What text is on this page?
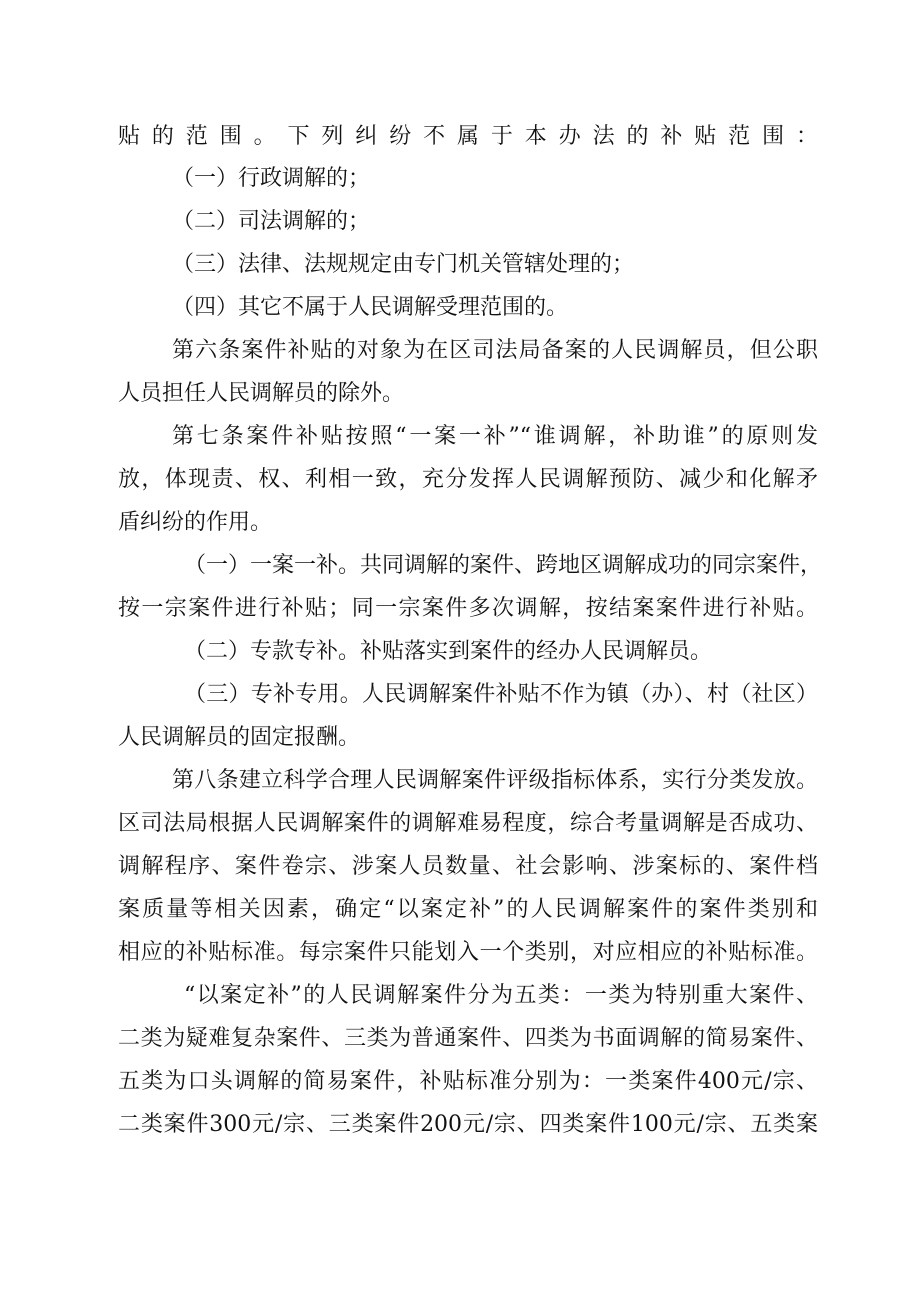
贴的范围。下列纠纷不属于本办法的补贴范围：
（一）行政调解的；
（二）司法调解的；
（三）法律、法规规定由专门机关管辖处理的；
（四）其它不属于人民调解受理范围的。
第六条案件补贴的对象为在区司法局备案的人民调解员，但公职
人员担任人民调解员的除外。
第七条案件补贴按照“一案一补”“谁调解，补助谁”的原则发
放，体现责、权、利相一致，充分发挥人民调解预防、减少和化解矛
盾纠纷的作用。
（一）一案一补。共同调解的案件、跨地区调解成功的同宗案件，
按一宗案件进行补贴；同一宗案件多次调解，按结案案件进行补贴。
（二）专款专补。补贴落实到案件的经办人民调解员。
（三）专补专用。人民调解案件补贴不作为镇（办）、村（社区）
人民调解员的固定报酬。
第八条建立科学合理人民调解案件评级指标体系，实行分类发放。
区司法局根据人民调解案件的调解难易程度，综合考量调解是否成功、
调解程序、案件卷宗、涉案人员数量、社会影响、涉案标的、案件档
案质量等相关因素，确定“以案定补”的人民调解案件的案件类别和
相应的补贴标准。每宗案件只能划入一个类别，对应相应的补贴标准。
“以案定补”的人民调解案件分为五类：一类为特别重大案件、
二类为疑难复杂案件、三类为普通案件、四类为书面调解的简易案件、
五类为口头调解的简易案件，补贴标准分别为：一类案件400元/宗、
二类案件300元/宗、三类案件200元/宗、四类案件100元/宗、五类案
